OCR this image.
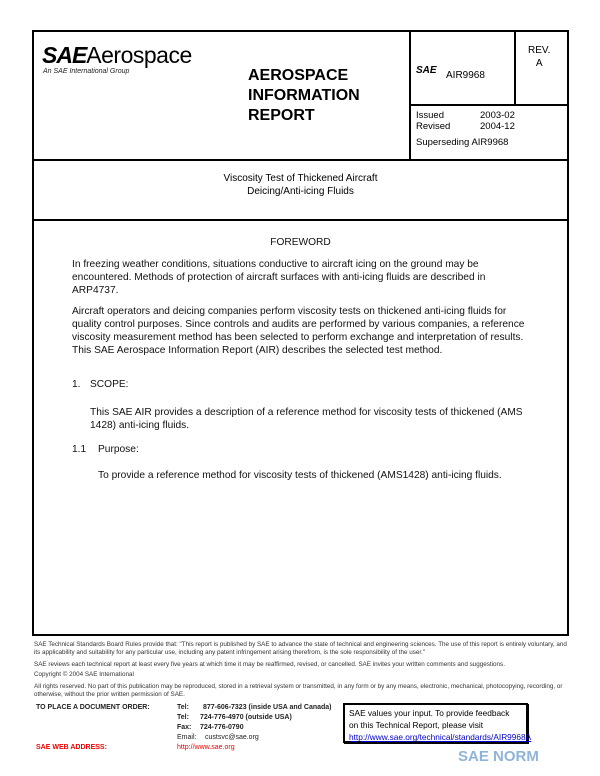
SAEAerospace
An SAE International Group	AEROSPACE
INFORMATION
REPORT
SAE AIR9968
REV.
A
Issued	2003-02
Revised	2004-12
Superseding AIR9968
Viscosity Test of Thickened Aircraft
Deicing/Anti-icing Fluids
FOREWORD
In freezing weather conditions, situations conductive to aircraft icing on the ground may be encountered. Methods of protection of aircraft surfaces with anti-icing fluids are described in ARP4737.
Aircraft operators and deicing companies perform viscosity tests on thickened anti-icing fluids for quality control purposes. Since controls and audits are performed by various companies, a reference viscosity measurement method has been selected to perform exchange and interpretation of results. This SAE Aerospace Information Report (AIR) describes the selected test method.
1. SCOPE:
This SAE AIR provides a description of a reference method for viscosity tests of thickened (AMS 1428) anti-icing fluids.
1.1 Purpose:
To provide a reference method for viscosity tests of thickened (AMS1428) anti-icing fluids.
SAE Technical Standards Board Rules provide that: "This report is published by SAE to advance the state of technical and engineering sciences. The use of this report is entirely voluntary, and its applicability and suitability for any particular use, including any patent infringement arising therefrom, is the sole responsibility of the user."
SAE reviews each technical report at least every five years at which time it may be reaffirmed, revised, or cancelled. SAE invites your written comments and suggestions.
Copyright © 2004 SAE International
All rights reserved. No part of this publication may be reproduced, stored in a retrieval system or transmitted, in any form or by any means, electronic, mechanical, photocopying, recording, or otherwise, without the prior written permission of SAE.
TO PLACE A DOCUMENT ORDER:	Tel: 877-606-7323 (inside USA and Canada)
Tel: 724-776-4970 (outside USA)
Fax: 724-776-0790
Email: custsvc@sae.org
SAE WEB ADDRESS:	http://www.sae.org
SAE values your input. To provide feedback
on this Technical Report, please visit
http://www.sae.org/technical/standards/AIR9968A
SAE NORM
